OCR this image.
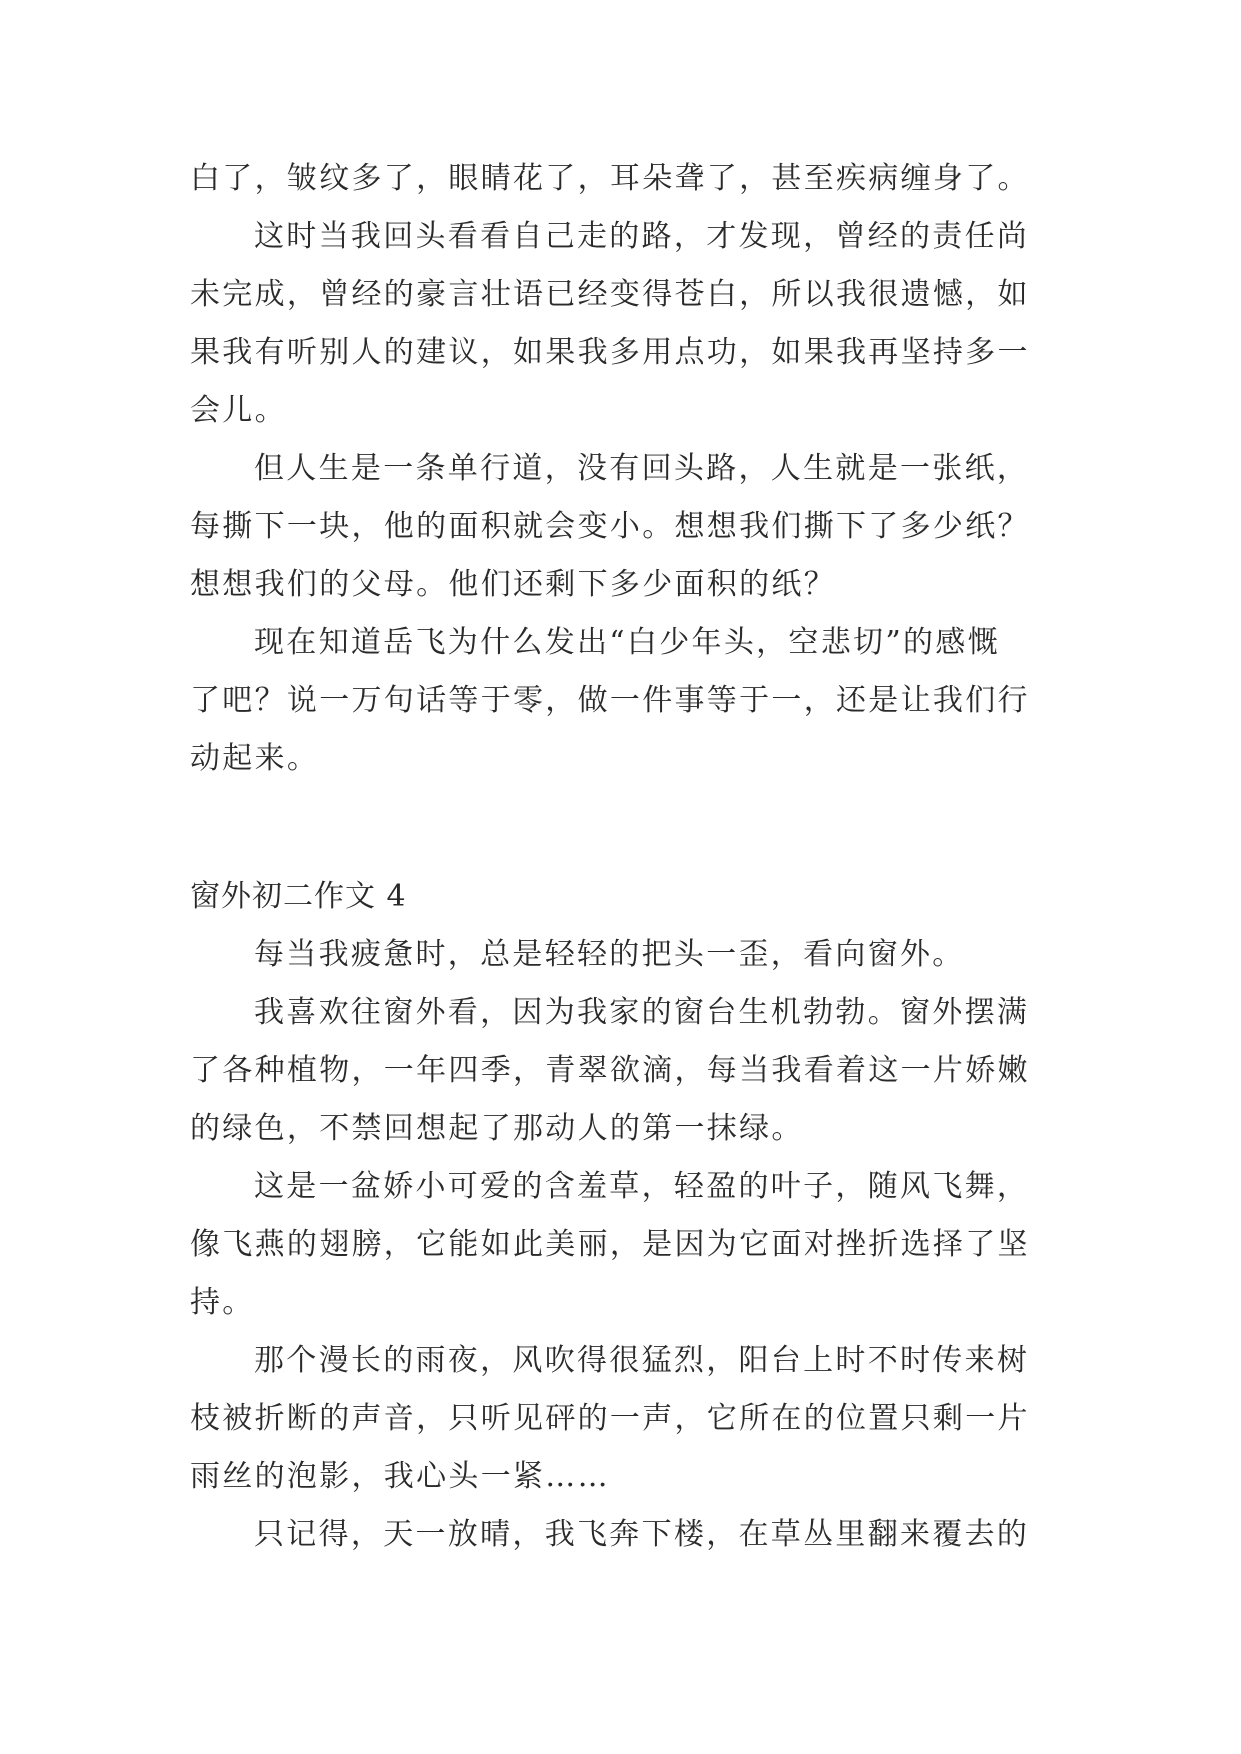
白了，皱纹多了，眼睛花了，耳朵聋了，甚至疾病缠身了。
这时当我回头看看自己走的路，才发现，曾经的责任尚
未完成，曾经的豪言壮语已经变得苍白，所以我很遗憾，如
果我有听别人的建议，如果我多用点功，如果我再坚持多一
会儿。
但人生是一条单行道，没有回头路，人生就是一张纸，
每撕下一块，他的面积就会变小。想想我们撕下了多少纸？
想想我们的父母。他们还剩下多少面积的纸？
现在知道岳飞为什么发出“白少年头，空悲切”的感慨
了吧？说一万句话等于零，做一件事等于一，还是让我们行
动起来。
窗外初二作文 4
每当我疲惫时，总是轻轻的把头一歪，看向窗外。
我喜欢往窗外看，因为我家的窗台生机勃勃。窗外摆满
了各种植物，一年四季，青翠欲滴，每当我看着这一片娇嫩
的绿色，不禁回想起了那动人的第一抹绿。
这是一盆娇小可爱的含羞草，轻盈的叶子，随风飞舞，
像飞燕的翅膀，它能如此美丽，是因为它面对挫折选择了坚
持。
那个漫长的雨夜，风吹得很猛烈，阳台上时不时传来树
枝被折断的声音，只听见砰的一声，它所在的位置只剩一片
雨丝的泡影，我心头一紧……
只记得，天一放晴，我飞奔下楼，在草丛里翻来覆去的
